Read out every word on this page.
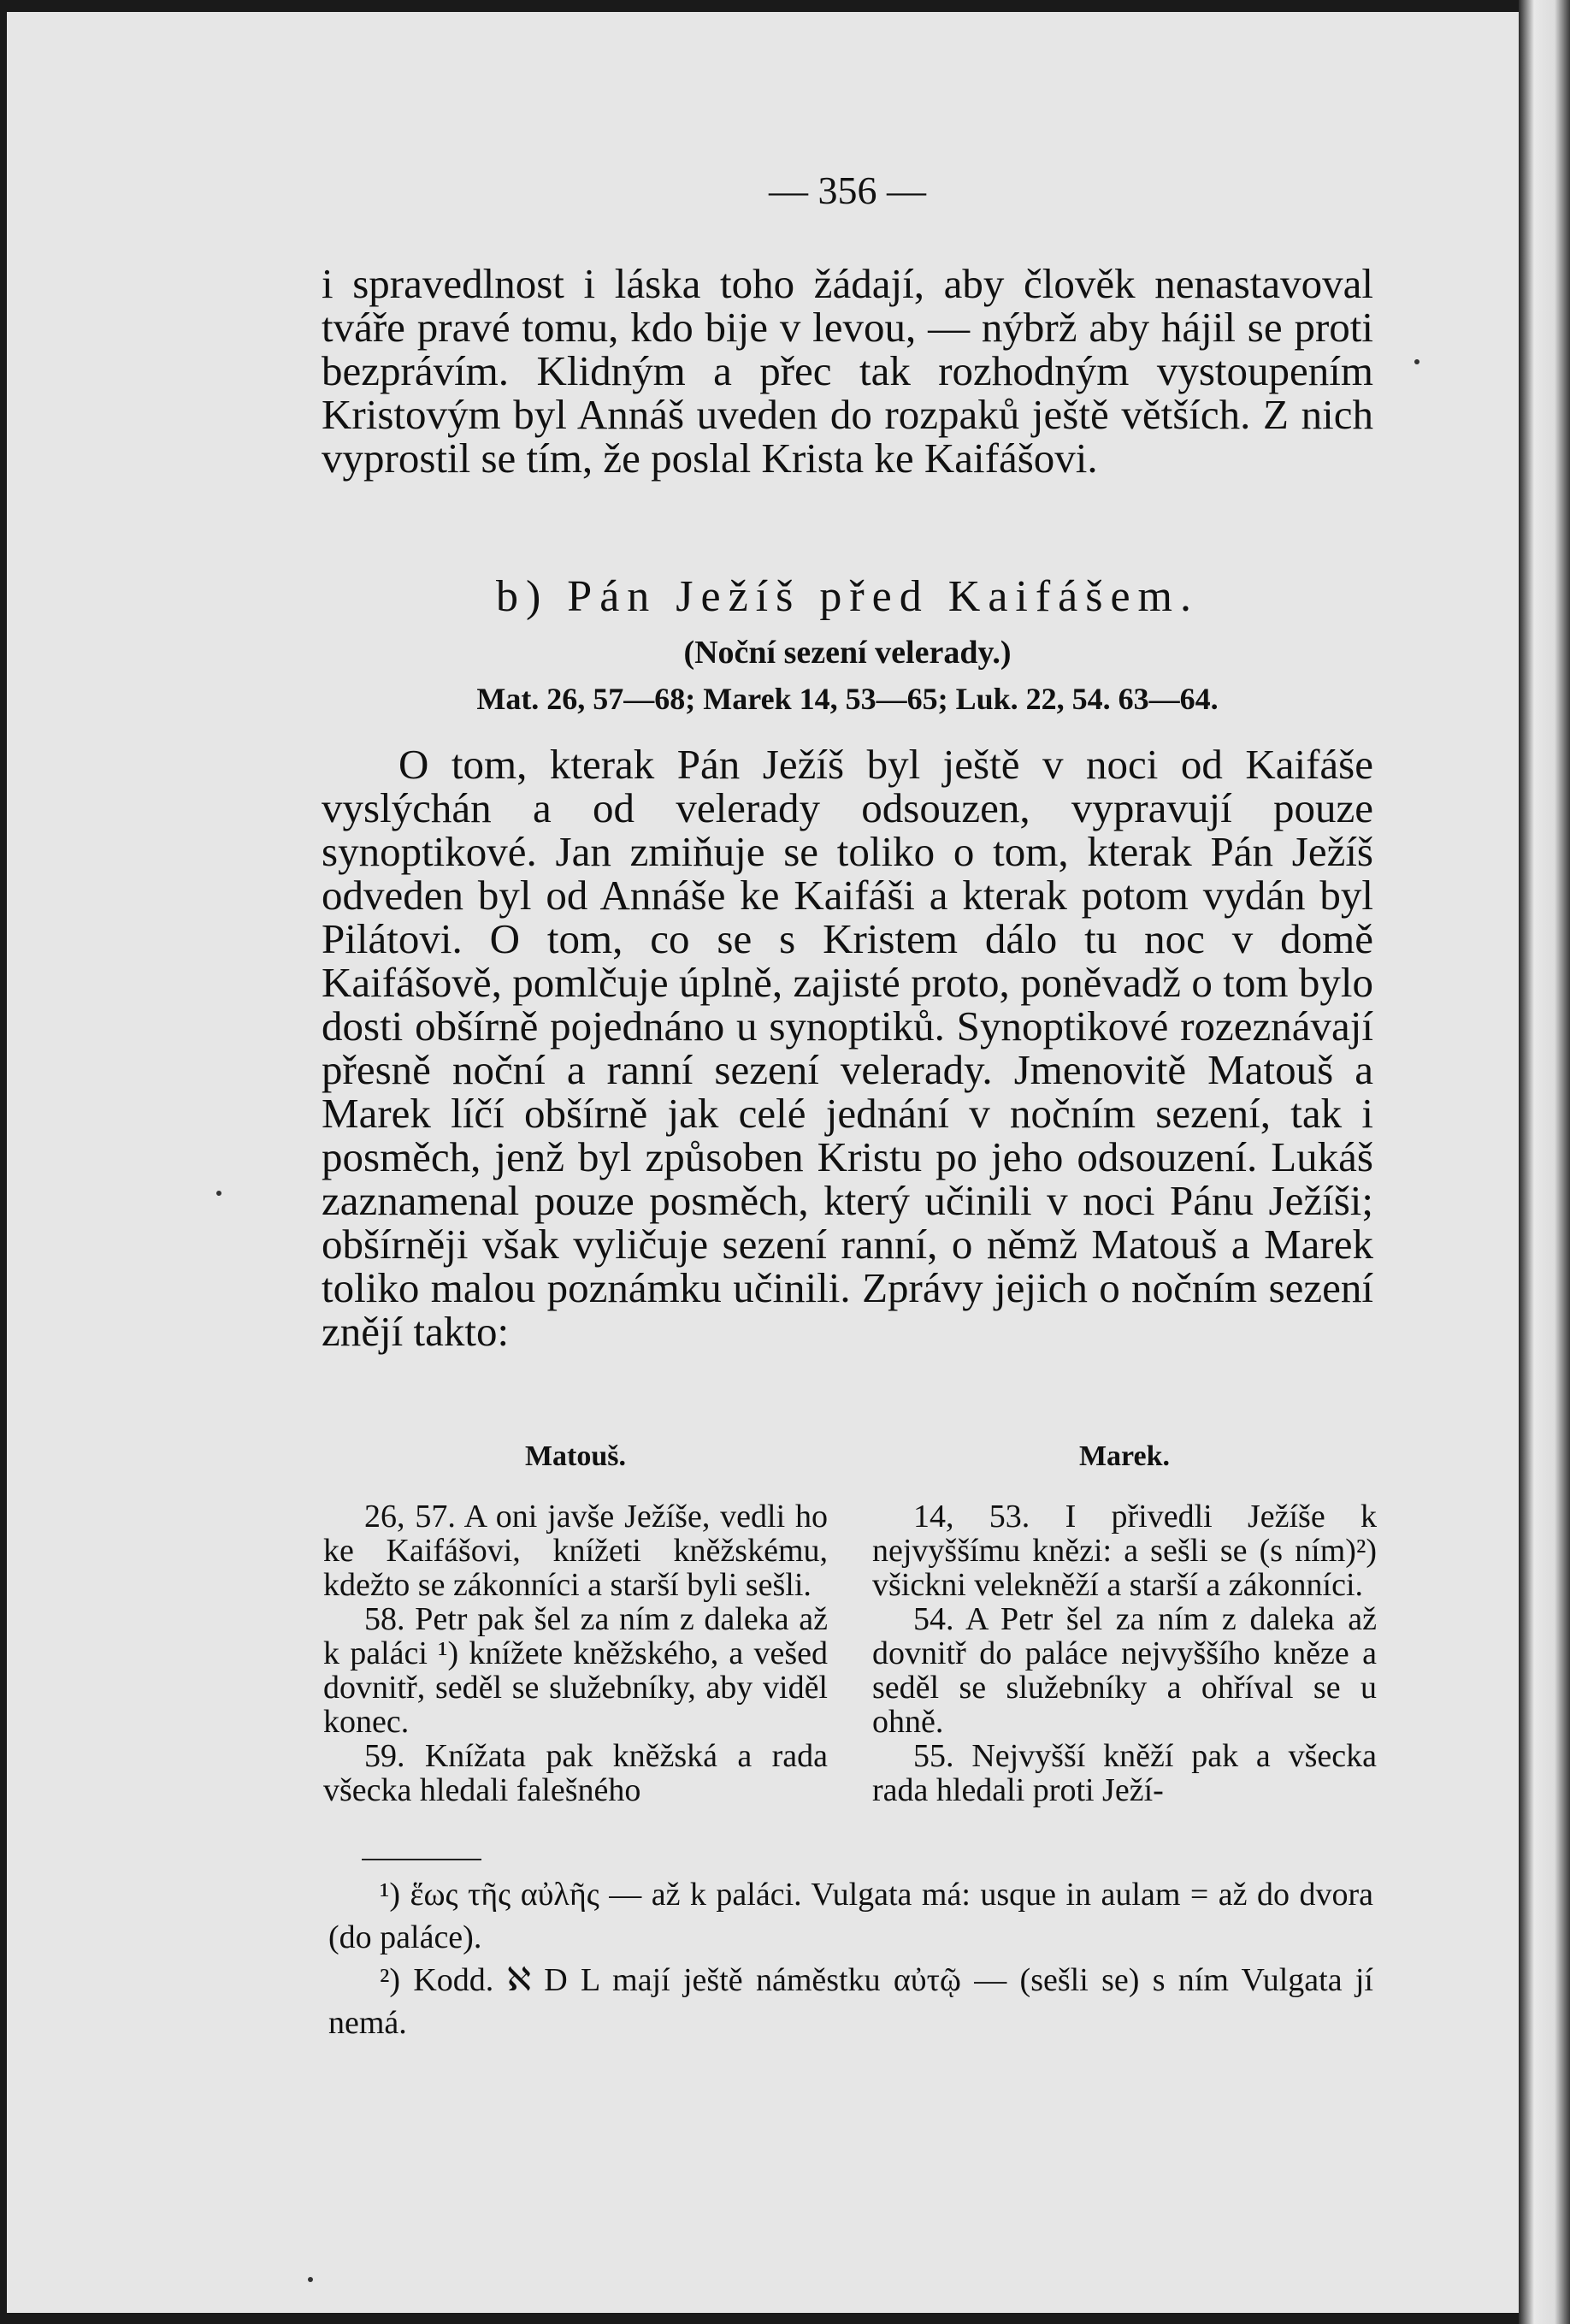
— 356 —

i spravedlnost i láska toho žádají, aby člověk nenastavoval tváře pravé tomu, kdo bije v levou, — nýbrž aby hájil se proti bezprávím. Klidným a přec tak rozhodným vystoupením Kristovým byl Annáš uveden do rozpaků ještě větších. Z nich vyprostil se tím, že poslal Krista ke Kaifášovi.

b) Pán Ježíš před Kaifášem.
(Noční sezení velerady.)
Mat. 26, 57—68; Marek 14, 53—65; Luk. 22, 54. 63—64.

O tom, kterak Pán Ježíš byl ještě v noci od Kaifáše vyslýchán a od velerady odsouzen, vypravují pouze synoptikové. Jan zmiňuje se toliko o tom, kterak Pán Ježíš odveden byl od Annáše ke Kaifáši a kterak potom vydán byl Pilátovi. O tom, co se s Kristem dálo tu noc v domě Kaifášově, pomlčuje úplně, zajisté proto, poněvadž o tom bylo dosti obšírně pojednáno u synoptiků. Synoptikové rozeznávají přesně noční a ranní sezení velerady. Jmenovitě Matouš a Marek líčí obšírně jak celé jednání v nočním sezení, tak i posměch, jenž byl způsoben Kristu po jeho odsouzení. Lukáš zaznamenal pouze posměch, který učinili v noci Pánu Ježíši; obšírněji však vyličuje sezení ranní, o němž Matouš a Marek toliko malou poznámku učinili. Zprávy jejich o nočním sezení znějí takto:

Matouš.

26, 57. A oni javše Ježíše, vedli ho ke Kaifášovi, knížeti kněžskému, kdežto se zákonníci a starší byli sešli.

58. Petr pak šel za ním z daleka až k paláci ¹) knížete kněžského, a vešed dovnitř, seděl se služebníky, aby viděl konec.

59. Knížata pak kněžská a rada všecka hledali falešného

Marek.

14, 53. I přivedli Ježíše k nejvyššímu knězi: a sešli se (s ním)²) všickni velekněží a starší a zákonníci.

54. A Petr šel za ním z daleka až dovnitř do paláce nejvyššího kněze a seděl se služebníky a ohříval se u ohně.

55. Nejvyšší kněží pak a všecka rada hledali proti Ježí-

¹) ἕως τῆς αὐλῆς — až k paláci. Vulgata má: usque in aulam = až do dvora (do paláce).

²) Kodd. ℵ D L mají ještě náměstku αὐτῷ — (sešli se) s ním Vulgata jí nemá.
